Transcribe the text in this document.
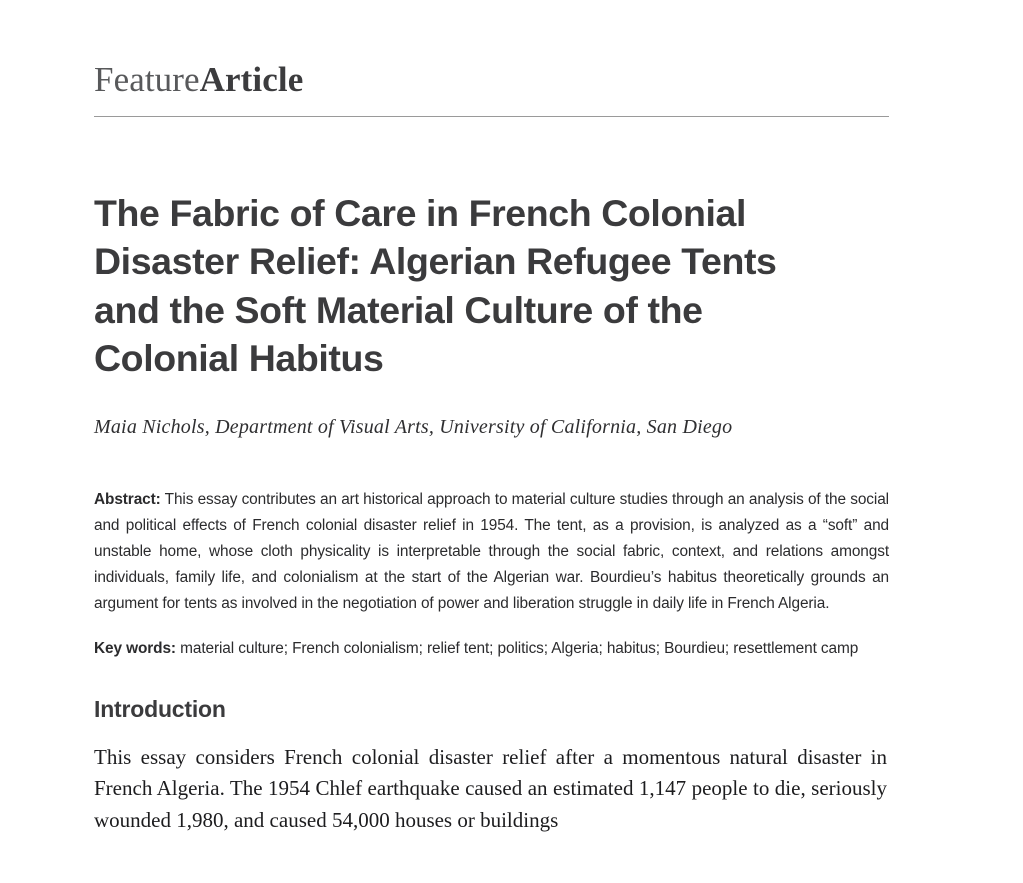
FeatureArticle
The Fabric of Care in French Colonial Disaster Relief: Algerian Refugee Tents and the Soft Material Culture of the Colonial Habitus
Maia Nichols, Department of Visual Arts, University of California, San Diego
Abstract: This essay contributes an art historical approach to material culture studies through an analysis of the social and political effects of French colonial disaster relief in 1954. The tent, as a provision, is analyzed as a “soft” and unstable home, whose cloth physicality is interpretable through the social fabric, context, and relations amongst individuals, family life, and colonialism at the start of the Algerian war. Bourdieu’s habitus theoretically grounds an argument for tents as involved in the negotiation of power and liberation struggle in daily life in French Algeria.
Key words: material culture; French colonialism; relief tent; politics; Algeria; habitus; Bourdieu; resettlement camp
Introduction

This essay considers French colonial disaster relief after a momentous natural disaster in French Algeria. The 1954 Chlef earthquake caused an estimated 1,147 people to die, seriously wounded 1,980, and caused 54,000 houses or buildings
